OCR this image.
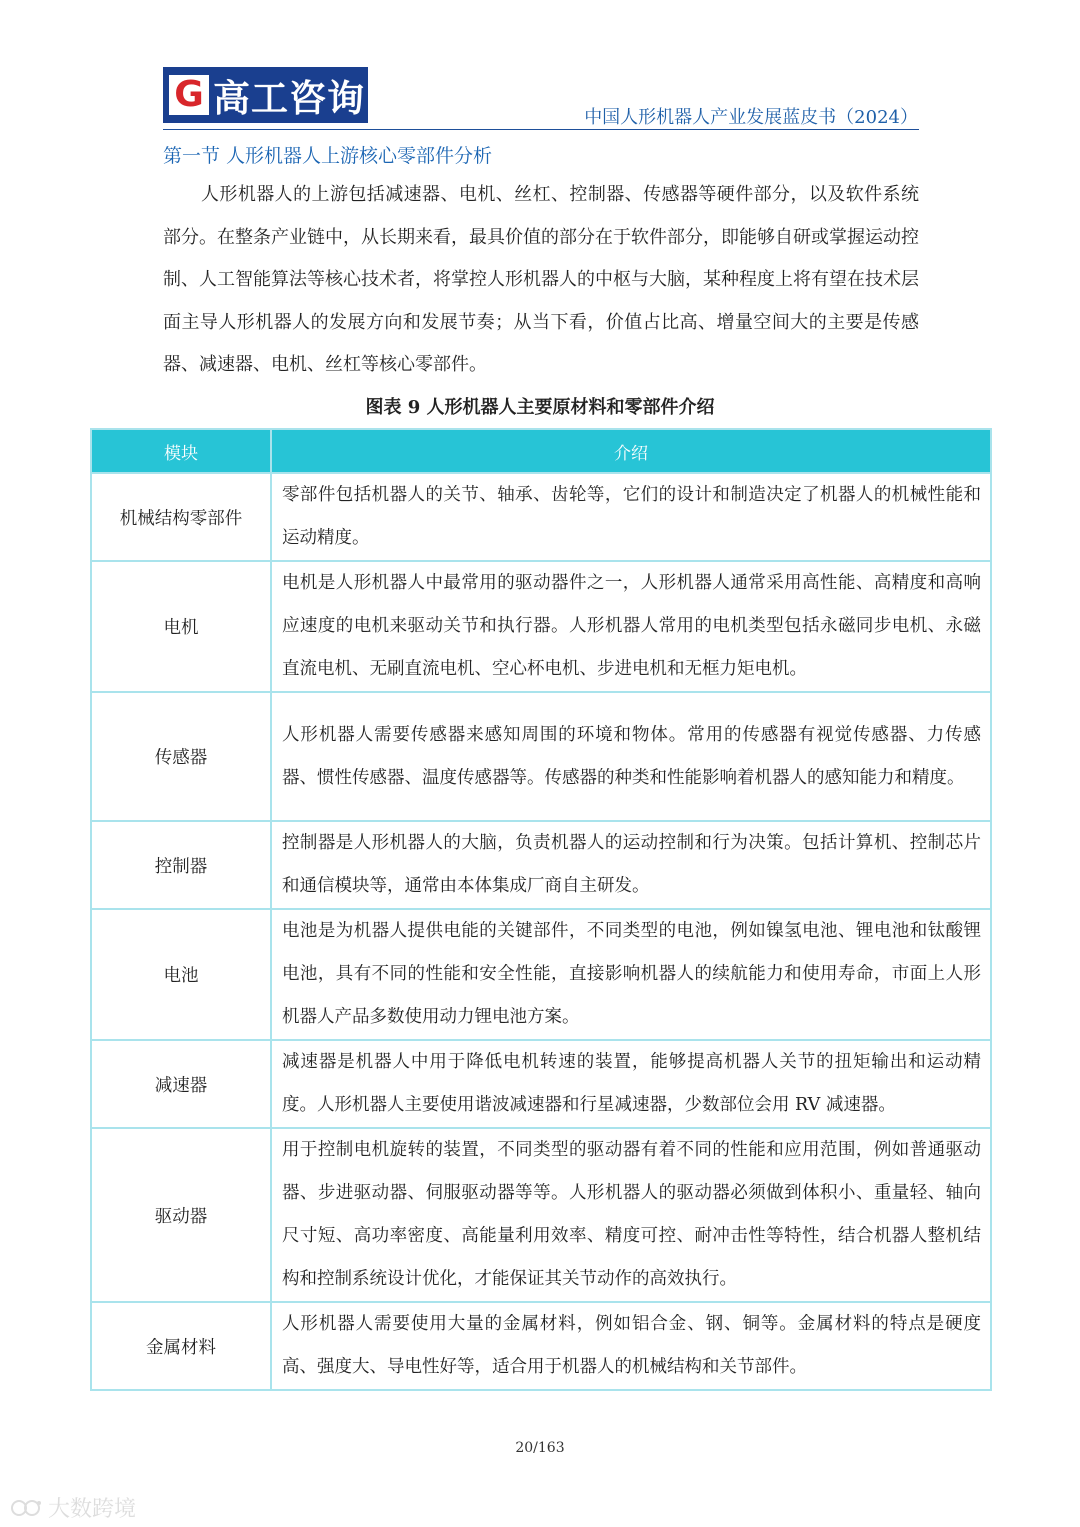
G 高工咨询	中国人形机器人产业发展蓝皮书（2024）
第一节 人形机器人上游核心零部件分析
人形机器人的上游包括减速器、电机、丝杠、控制器、传感器等硬件部分，以及软件系统部分。在整条产业链中，从长期来看，最具价值的部分在于软件部分，即能够自研或掌握运动控制、人工智能算法等核心技术者，将掌控人形机器人的中枢与大脑，某种程度上将有望在技术层面主导人形机器人的发展方向和发展节奏；从当下看，价值占比高、增量空间大的主要是传感器、减速器、电机、丝杠等核心零部件。
图表 9 人形机器人主要原材料和零部件介绍
模块	介绍
机械结构零部件	零部件包括机器人的关节、轴承、齿轮等，它们的设计和制造决定了机器人的机械性能和运动精度。
电机	电机是人形机器人中最常用的驱动器件之一，人形机器人通常采用高性能、高精度和高响应速度的电机来驱动关节和执行器。人形机器人常用的电机类型包括永磁同步电机、永磁直流电机、无刷直流电机、空心杯电机、步进电机和无框力矩电机。
传感器	人形机器人需要传感器来感知周围的环境和物体。常用的传感器有视觉传感器、力传感器、惯性传感器、温度传感器等。传感器的种类和性能影响着机器人的感知能力和精度。
控制器	控制器是人形机器人的大脑，负责机器人的运动控制和行为决策。包括计算机、控制芯片和通信模块等，通常由本体集成厂商自主研发。
电池	电池是为机器人提供电能的关键部件，不同类型的电池，例如镍氢电池、锂电池和钛酸锂电池，具有不同的性能和安全性能，直接影响机器人的续航能力和使用寿命，市面上人形机器人产品多数使用动力锂电池方案。
减速器	减速器是机器人中用于降低电机转速的装置，能够提高机器人关节的扭矩输出和运动精度。人形机器人主要使用谐波减速器和行星减速器，少数部位会用 RV 减速器。
驱动器	用于控制电机旋转的装置，不同类型的驱动器有着不同的性能和应用范围，例如普通驱动器、步进驱动器、伺服驱动器等等。人形机器人的驱动器必须做到体积小、重量轻、轴向尺寸短、高功率密度、高能量利用效率、精度可控、耐冲击性等特性，结合机器人整机结构和控制系统设计优化，才能保证其关节动作的高效执行。
金属材料	人形机器人需要使用大量的金属材料，例如铝合金、钢、铜等。金属材料的特点是硬度高、强度大、导电性好等，适合用于机器人的机械结构和关节部件。
20/163
大数跨境
